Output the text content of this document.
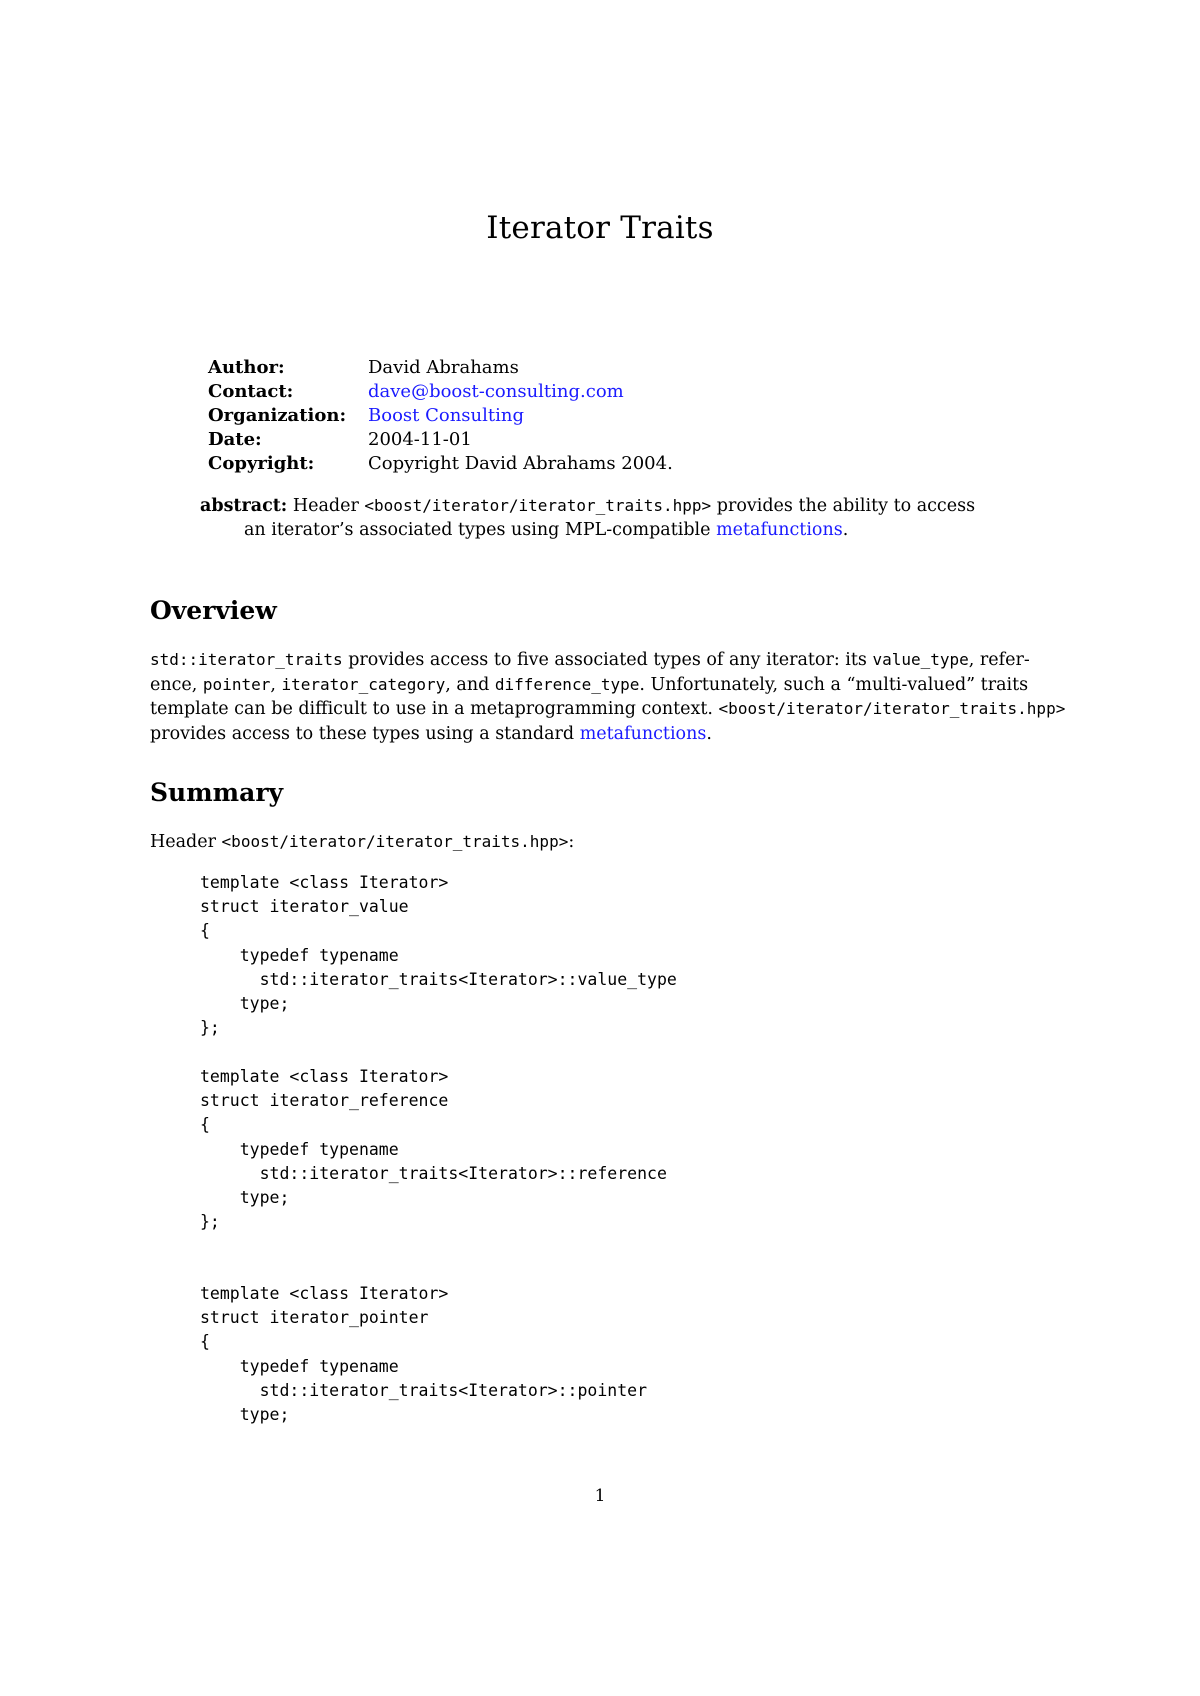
Iterator Traits
Author:	David Abrahams
Contact:	dave@boost-consulting.com
Organization:	Boost Consulting
Date:	2004-11-01
Copyright:	Copyright David Abrahams 2004.
abstract: Header <boost/iterator/iterator_traits.hpp> provides the ability to access
an iterator’s associated types using MPL-compatible metafunctions.
Overview
std::iterator_traits provides access to five associated types of any iterator: its value_type, refer-
ence, pointer, iterator_category, and difference_type. Unfortunately, such a “multi-valued” traits
template can be difficult to use in a metaprogramming context. <boost/iterator/iterator_traits.hpp>
provides access to these types using a standard metafunctions.
Summary
Header <boost/iterator/iterator_traits.hpp>:
template <class Iterator>
struct iterator_value
{
typedef typename
std::iterator_traits<Iterator>::value_type
type;
};
template <class Iterator>
struct iterator_reference
{
typedef typename
std::iterator_traits<Iterator>::reference
type;
};
template <class Iterator>
struct iterator_pointer
{
typedef typename
std::iterator_traits<Iterator>::pointer
type;
1
